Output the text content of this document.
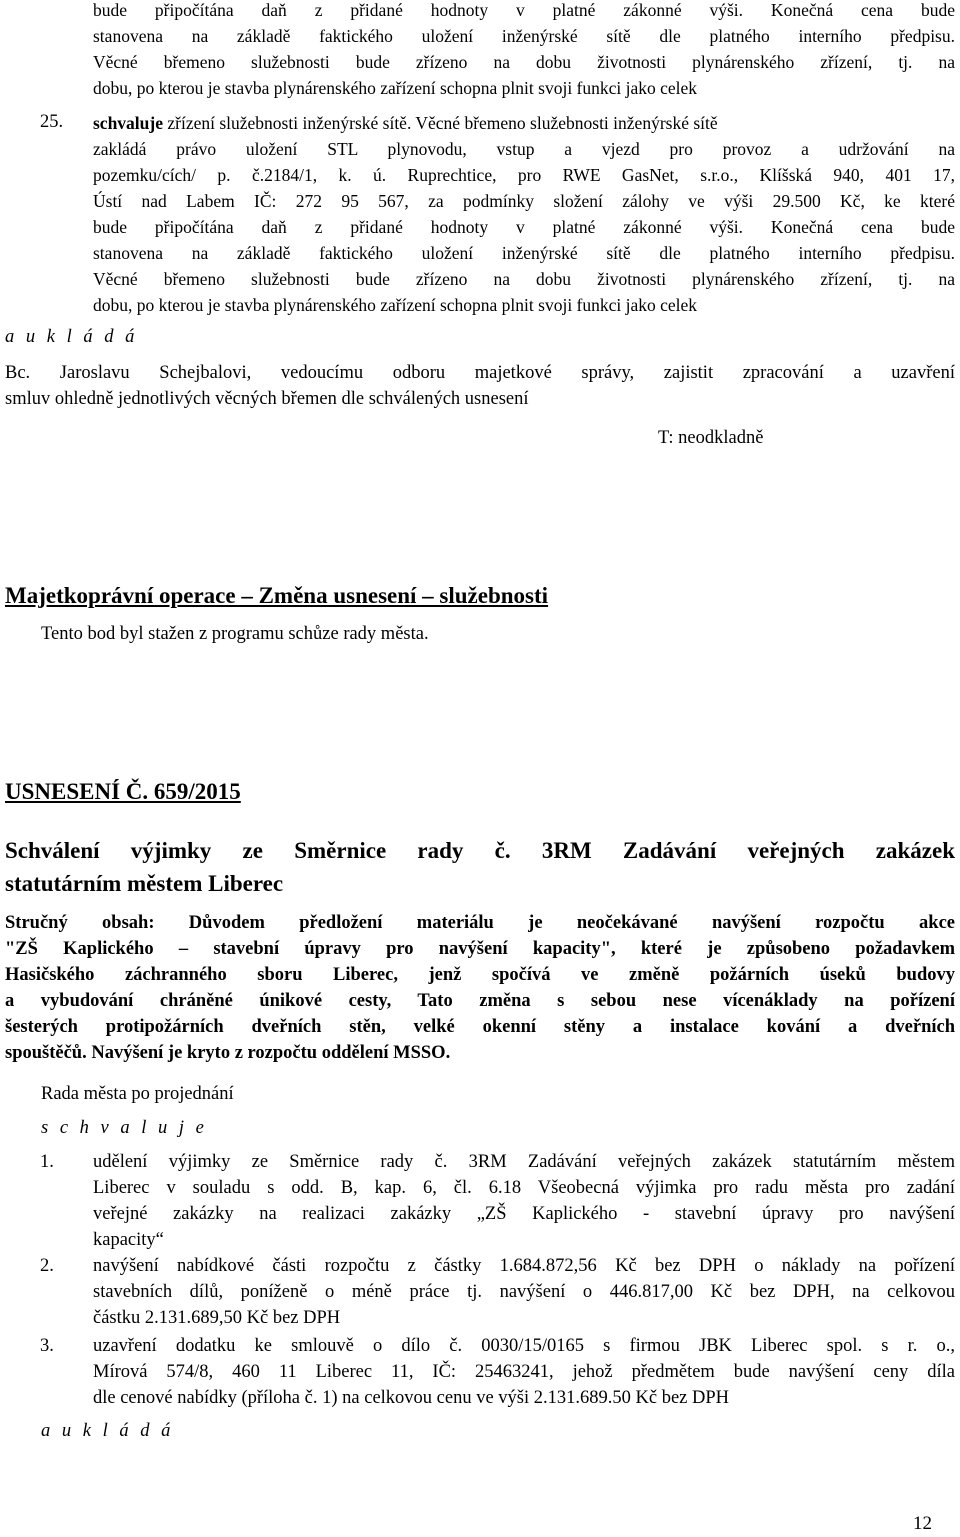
bude připočítána daň z přidané hodnoty v platné zákonné výši. Konečná cena bude
stanovena na základě faktického uložení inženýrské sítě dle platného interního předpisu.
Věcné břemeno služebnosti bude zřízeno na dobu životnosti plynárenského zřízení, tj. na
dobu, po kterou je stavba plynárenského zařízení schopna plnit svoji funkci jako celek
25. schvaluje zřízení služebnosti inženýrské sítě. Věcné břemeno služebnosti inženýrské sítě
zakládá právo uložení STL plynovodu, vstup a vjezd pro provoz a udržování na
pozemku/cích/ p. č.2184/1, k. ú. Ruprechtice, pro RWE GasNet, s.r.o., Klíšská 940, 401 17,
Ústí nad Labem IČ: 272 95 567, za podmínky složení zálohy ve výši 29.500 Kč, ke které
bude připočítána daň z přidané hodnoty v platné zákonné výši. Konečná cena bude
stanovena na základě faktického uložení inženýrské sítě dle platného interního předpisu.
Věcné břemeno služebnosti bude zřízeno na dobu životnosti plynárenského zřízení, tj. na
dobu, po kterou je stavba plynárenského zařízení schopna plnit svoji funkci jako celek
a u k l á d á
Bc. Jaroslavu Schejbalovi, vedoucímu odboru majetkové správy, zajistit zpracování a uzavření
smluv ohledně jednotlivých věcných břemen dle schválených usnesení
T: neodkladně
Majetkoprávní operace – Změna usnesení – služebnosti
Tento bod byl stažen z programu schůze rady města.
USNESENÍ Č. 659/2015
Schválení výjimky ze Směrnice rady č. 3RM Zadávání veřejných zakázek
statutárním městem Liberec
Stručný obsah: Důvodem předložení materiálu je neočekávané navýšení rozpočtu akce
"ZŠ Kaplického – stavební úpravy pro navýšení kapacity", které je způsobeno požadavkem
Hasičského záchranného sboru Liberec, jenž spočívá ve změně požárních úseků budovy
a vybudování chráněné únikové cesty, Tato změna s sebou nese vícenáklady na pořízení
šesterých protipožárních dveřních stěn, velké okenní stěny a instalace kování a dveřních
spouštěčů. Navýšení je kryto z rozpočtu oddělení MSSO.
Rada města po projednání
s c h v a l u j e
1. udělení výjimky ze Směrnice rady č. 3RM Zadávání veřejných zakázek statutárním městem
Liberec v souladu s odd. B, kap. 6, čl. 6.18 Všeobecná výjimka pro radu města pro zadání
veřejné zakázky na realizaci zakázky „ZŠ Kaplického - stavební úpravy pro navýšení
kapacity“
2. navýšení nabídkové části rozpočtu z částky 1.684.872,56 Kč bez DPH o náklady na pořízení
stavebních dílů, poníženě o méně práce tj. navýšení o 446.817,00 Kč bez DPH, na celkovou
částku 2.131.689,50 Kč bez DPH
3. uzavření dodatku ke smlouvě o dílo č. 0030/15/0165 s firmou JBK Liberec spol. s r. o.,
Mírová 574/8, 460 11 Liberec 11, IČ: 25463241, jehož předmětem bude navýšení ceny díla
dle cenové nabídky (příloha č. 1) na celkovou cenu ve výši 2.131.689.50 Kč bez DPH
a u k l á d á
12
